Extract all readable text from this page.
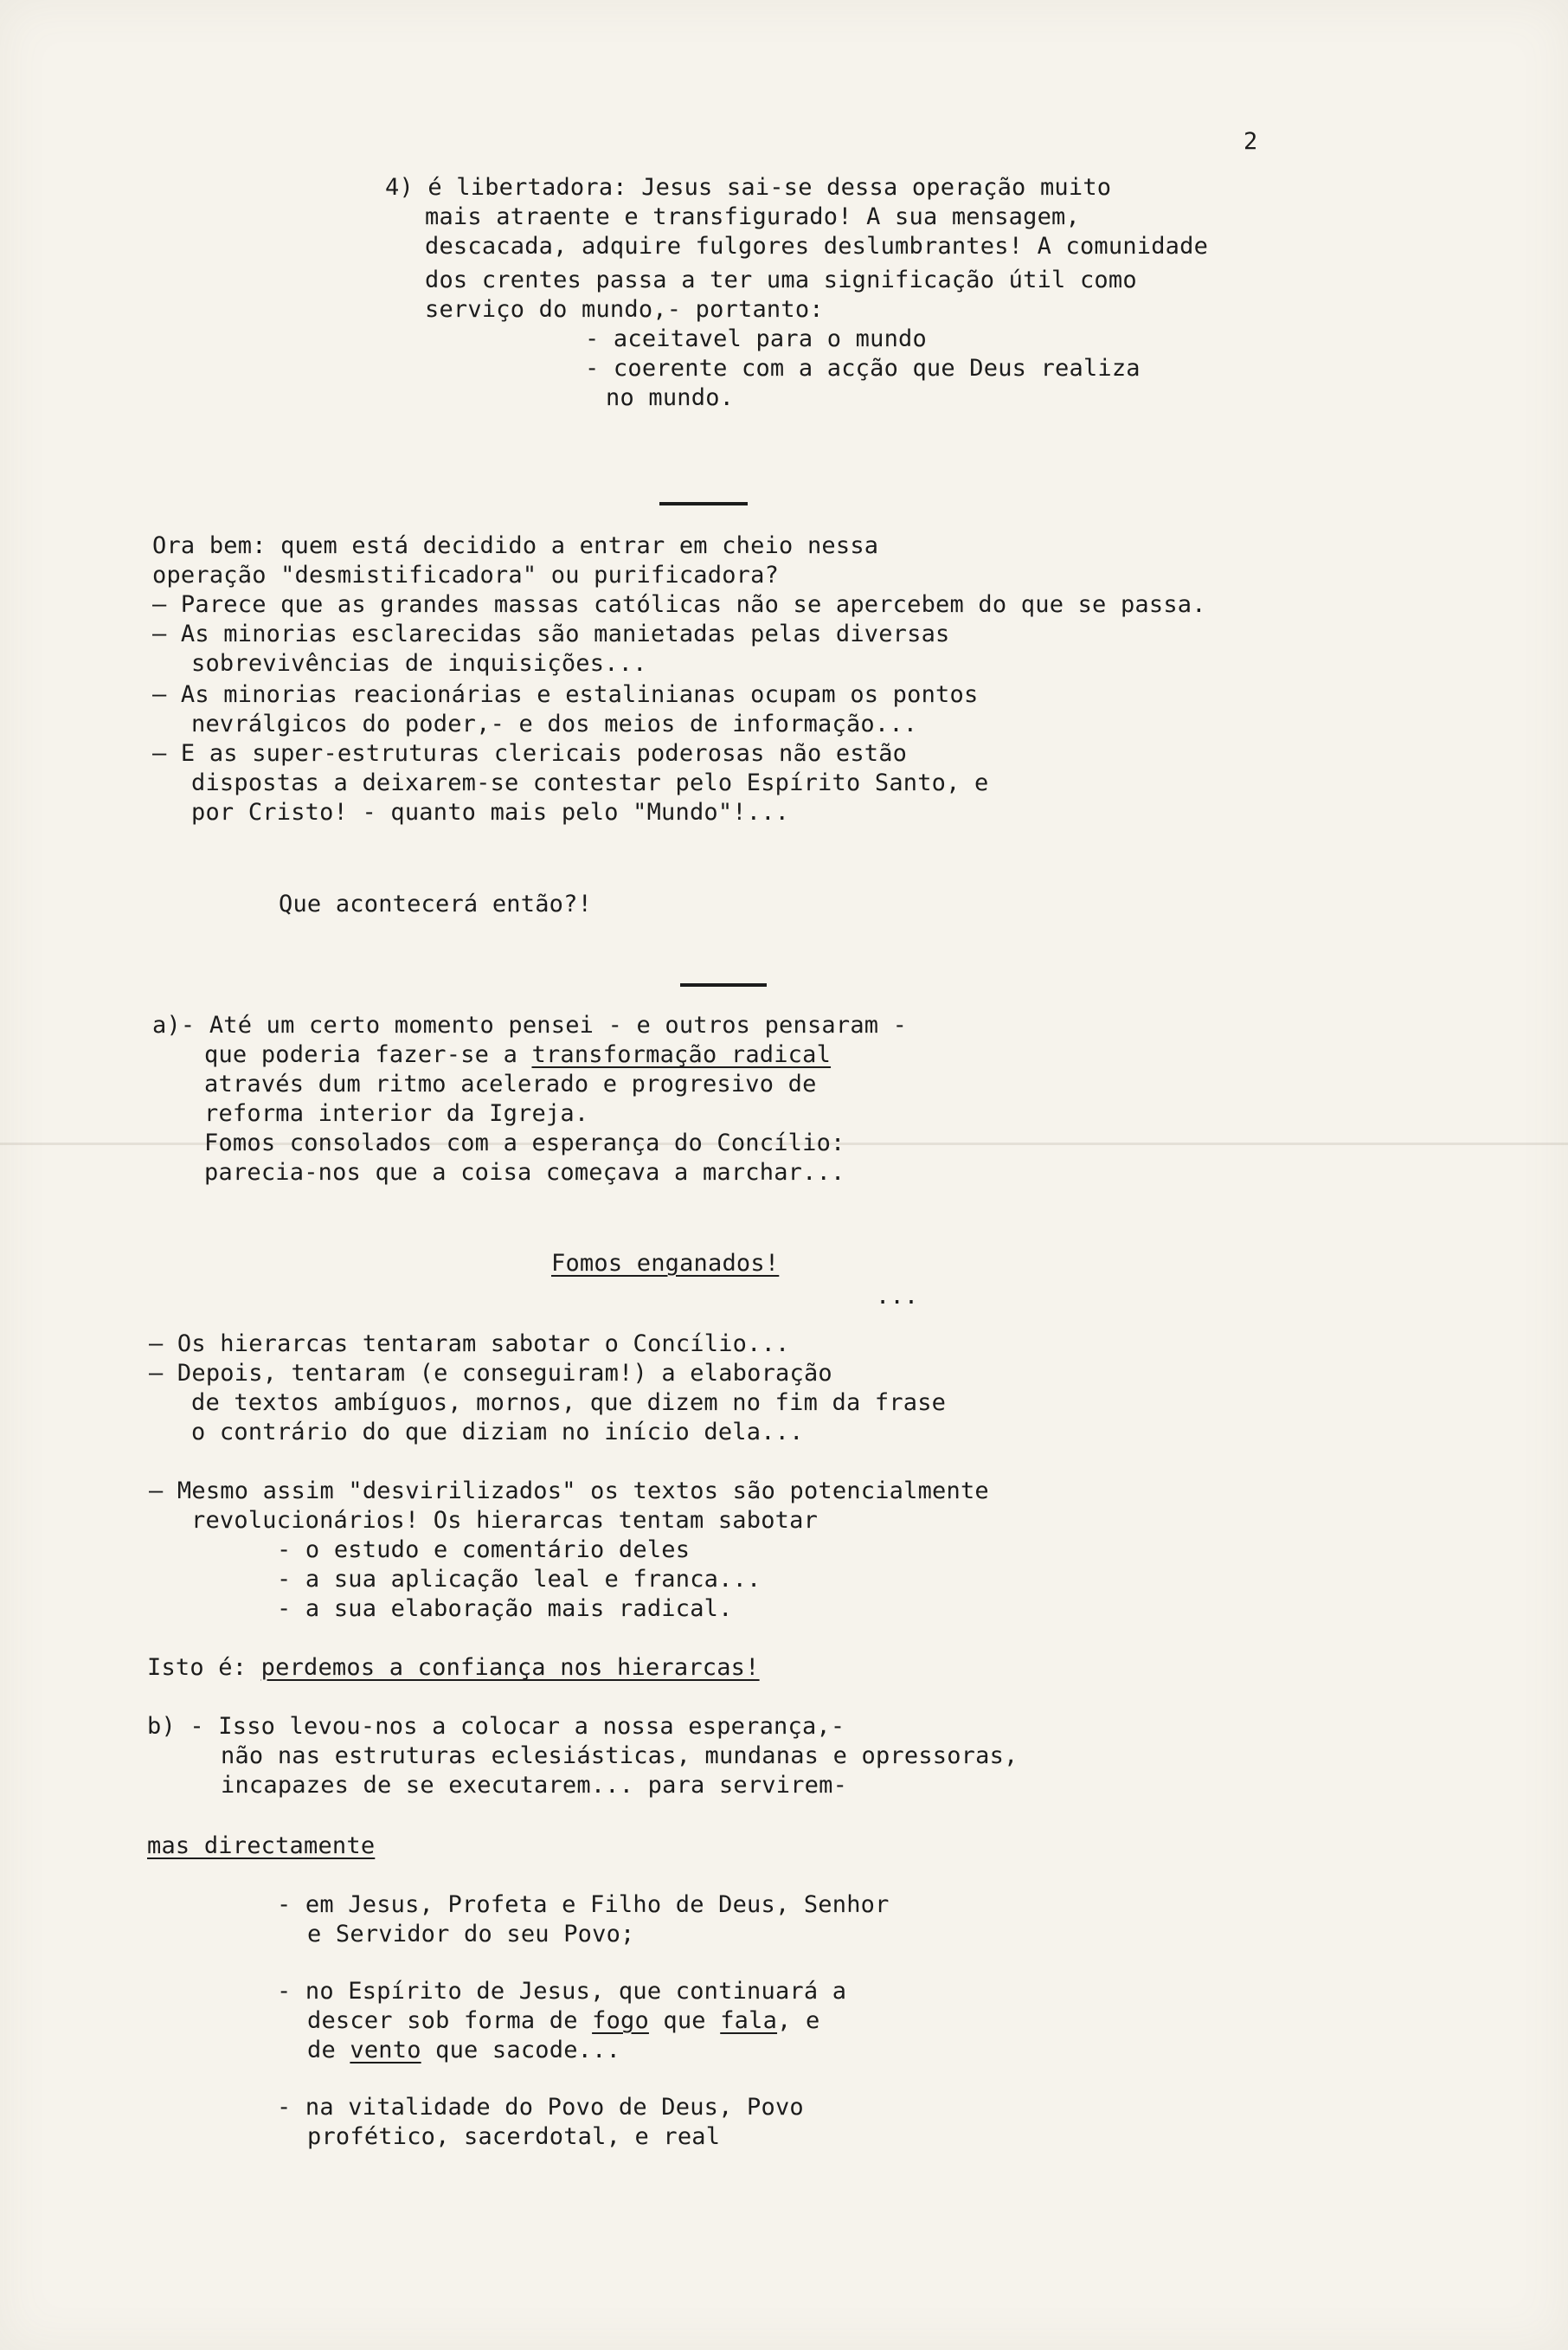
2
4) é libertadora: Jesus sai-se dessa operação muito
mais atraente e transfigurado! A sua mensagem,
descacada, adquire fulgores deslumbrantes! A comunidade
dos crentes passa a ter uma significação útil como
serviço do mundo,- portanto:
- aceitavel para o mundo
- coerente com a acção que Deus realiza
no mundo.
Ora bem: quem está decidido a entrar em cheio nessa
operação "desmistificadora" ou purificadora?
— Parece que as grandes massas católicas não se apercebem do que se passa.
— As minorias esclarecidas são manietadas pelas diversas
sobrevivências de inquisições...
— As minorias reacionárias e estalinianas ocupam os pontos
nevrálgicos do poder,- e dos meios de informação...
— E as super-estruturas clericais poderosas não estão
dispostas a deixarem-se contestar pelo Espírito Santo, e
por Cristo! - quanto mais pelo "Mundo"!...
Que acontecerá então?!
a)- Até um certo momento pensei - e outros pensaram -
que poderia fazer-se a transformação radical
através dum ritmo acelerado e progresivo de
reforma interior da Igreja.
Fomos consolados com a esperança do Concílio:
parecia-nos que a coisa começava a marchar...
Fomos enganados!
...
— Os hierarcas tentaram sabotar o Concílio...
— Depois, tentaram (e conseguiram!) a elaboração
de textos ambíguos, mornos, que dizem no fim da frase
o contrário do que diziam no início dela...
— Mesmo assim "desvirilizados" os textos são potencialmente
revolucionários! Os hierarcas tentam sabotar
- o estudo e comentário deles
- a sua aplicação leal e franca...
- a sua elaboração mais radical.
Isto é: perdemos a confiança nos hierarcas!
b) - Isso levou-nos a colocar a nossa esperança,-
não nas estruturas eclesiásticas, mundanas e opressoras,
incapazes de se executarem... para servirem-
mas directamente
- em Jesus, Profeta e Filho de Deus, Senhor
e Servidor do seu Povo;
- no Espírito de Jesus, que continuará a
descer sob forma de fogo que fala, e
de vento que sacode...
- na vitalidade do Povo de Deus, Povo
profético, sacerdotal, e real
